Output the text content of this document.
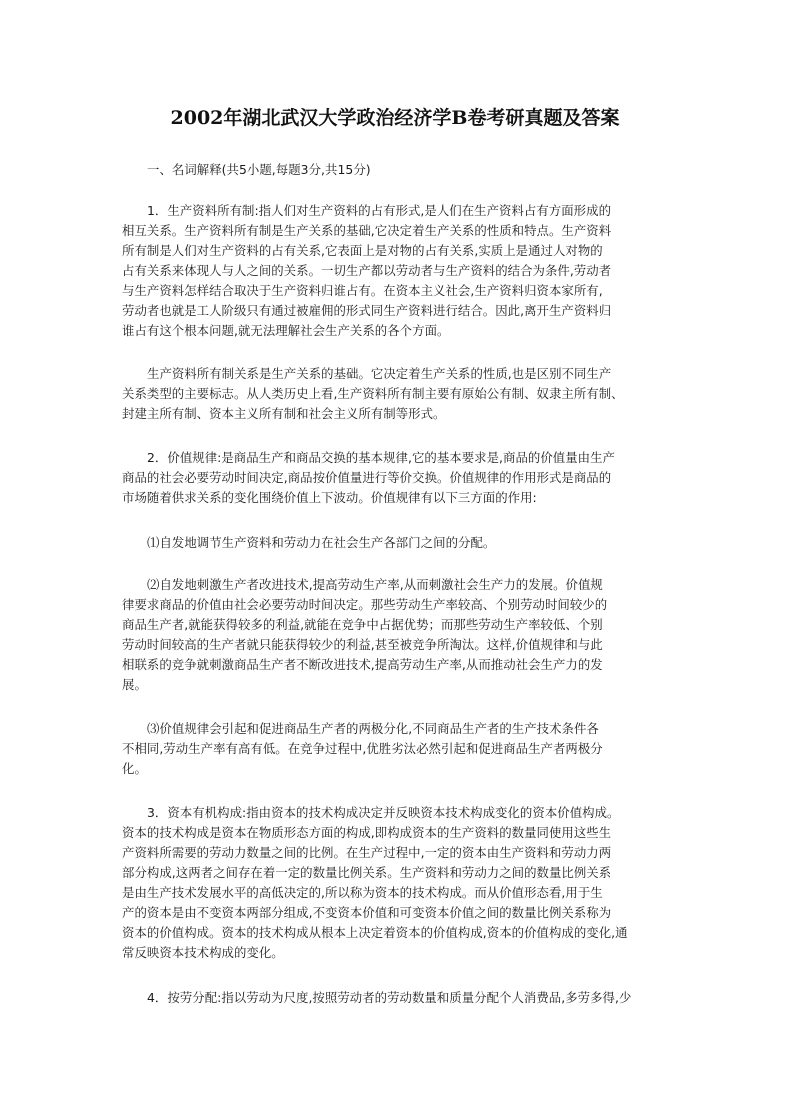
2002年湖北武汉大学政治经济学B卷考研真题及答案
一、名词解释(共5小题,每题3分,共15分)
1．生产资料所有制:指人们对生产资料的占有形式,是人们在生产资料占有方面形成的
相互关系。生产资料所有制是生产关系的基础,它决定着生产关系的性质和特点。生产资料
所有制是人们对生产资料的占有关系,它表面上是对物的占有关系,实质上是通过人对物的
占有关系来体现人与人之间的关系。一切生产都以劳动者与生产资料的结合为条件,劳动者
与生产资料怎样结合取决于生产资料归谁占有。在资本主义社会,生产资料归资本家所有,
劳动者也就是工人阶级只有通过被雇佣的形式同生产资料进行结合。因此,离开生产资料归
谁占有这个根本问题,就无法理解社会生产关系的各个方面。
生产资料所有制关系是生产关系的基础。它决定着生产关系的性质,也是区别不同生产
关系类型的主要标志。从人类历史上看,生产资料所有制主要有原始公有制、奴隶主所有制、
封建主所有制、资本主义所有制和社会主义所有制等形式。
2．价值规律:是商品生产和商品交换的基本规律,它的基本要求是,商品的价值量由生产
商品的社会必要劳动时间决定,商品按价值量进行等价交换。价值规律的作用形式是商品的
市场随着供求关系的变化围绕价值上下波动。价值规律有以下三方面的作用:
⑴自发地调节生产资料和劳动力在社会生产各部门之间的分配。
⑵自发地刺激生产者改进技术,提高劳动生产率,从而刺激社会生产力的发展。价值规
律要求商品的价值由社会必要劳动时间决定。那些劳动生产率较高、个别劳动时间较少的
商品生产者,就能获得较多的利益,就能在竞争中占据优势；而那些劳动生产率较低、个别
劳动时间较高的生产者就只能获得较少的利益,甚至被竞争所淘汰。这样,价值规律和与此
相联系的竞争就刺激商品生产者不断改进技术,提高劳动生产率,从而推动社会生产力的发
展。
⑶价值规律会引起和促进商品生产者的两极分化,不同商品生产者的生产技术条件各
不相同,劳动生产率有高有低。在竞争过程中,优胜劣汰必然引起和促进商品生产者两极分
化。
3．资本有机构成:指由资本的技术构成决定并反映资本技术构成变化的资本价值构成。
资本的技术构成是资本在物质形态方面的构成,即构成资本的生产资料的数量同使用这些生
产资料所需要的劳动力数量之间的比例。在生产过程中,一定的资本由生产资料和劳动力两
部分构成,这两者之间存在着一定的数量比例关系。生产资料和劳动力之间的数量比例关系
是由生产技术发展水平的高低决定的,所以称为资本的技术构成。而从价值形态看,用于生
产的资本是由不变资本两部分组成,不变资本价值和可变资本价值之间的数量比例关系称为
资本的价值构成。资本的技术构成从根本上决定着资本的价值构成,资本的价值构成的变化,通
常反映资本技术构成的变化。
4．按劳分配:指以劳动为尺度,按照劳动者的劳动数量和质量分配个人消费品,多劳多得,少
